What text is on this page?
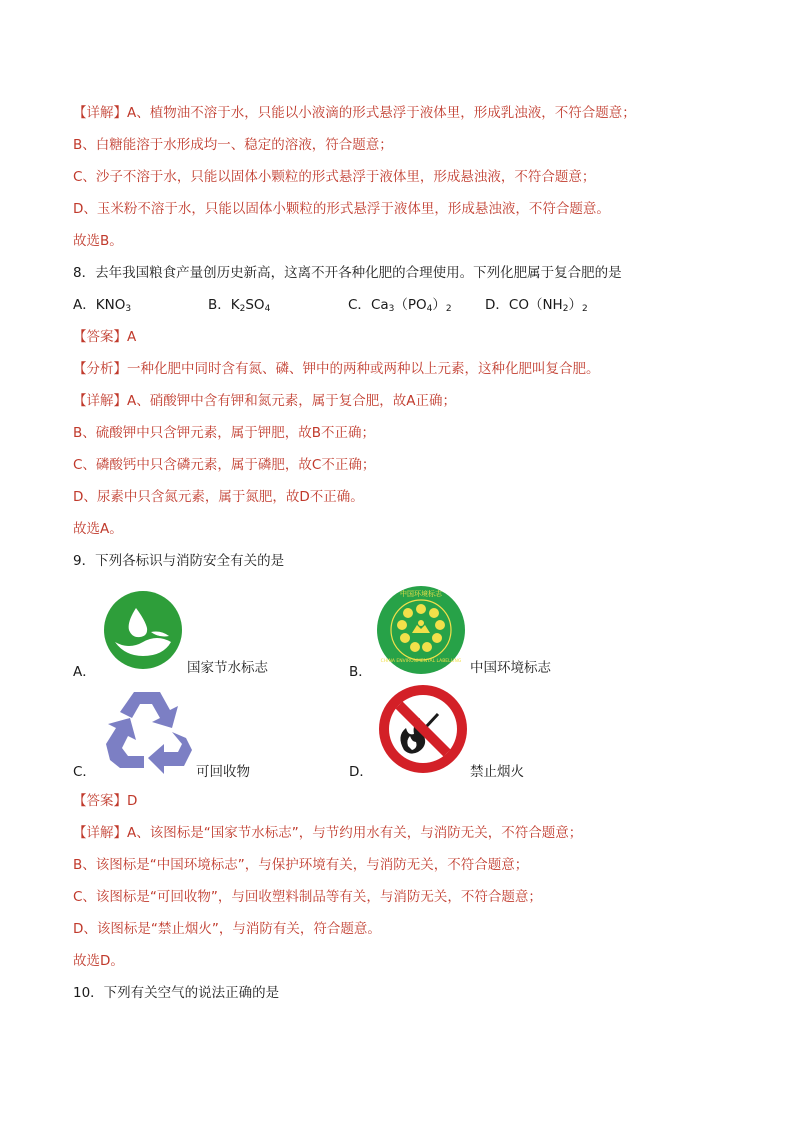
【详解】A、植物油不溶于水，只能以小液滴的形式悬浮于液体里，形成乳浊液，不符合题意；
B、白糖能溶于水形成均一、稳定的溶液，符合题意；
C、沙子不溶于水，只能以固体小颗粒的形式悬浮于液体里，形成悬浊液，不符合题意；
D、玉米粉不溶于水，只能以固体小颗粒的形式悬浮于液体里，形成悬浊液，不符合题意。
故选B。
8．去年我国粮食产量创历史新高，这离不开各种化肥的合理使用。下列化肥属于复合肥的是
A．$KNO_3$	B．$K_2SO_4$	C．$Ca_3(PO_4)_2$ D．$CO(NH_2)_2$
【答案】A
【分析】一种化肥中同时含有氮、磷、钾中的两种或两种以上元素，这种化肥叫复合肥。
【详解】A、硝酸钾中含有钾和氮元素，属于复合肥，故A正确；
B、硫酸钾中只含钾元素，属于钾肥，故B不正确；
C、磷酸钙中只含磷元素，属于磷肥，故C不正确；
D、尿素中只含氮元素，属于氮肥，故D不正确。
故选A。
9．下列各标识与消防安全有关的是
A．	国家节水标志	B．
中国环境标志
CHINA ENVIRONMENTAL LABELLING 中国环境标志
C．	可回收物	D．	禁止烟火
【答案】D
【详解】A、该图标是“国家节水标志”，与节约用水有关，与消防无关，不符合题意；
B、该图标是“中国环境标志”，与保护环境有关，与消防无关，不符合题意；
C、该图标是“可回收物”，与回收塑料制品等有关，与消防无关，不符合题意；
D、该图标是“禁止烟火”，与消防有关，符合题意。
故选D。
10．下列有关空气的说法正确的是
